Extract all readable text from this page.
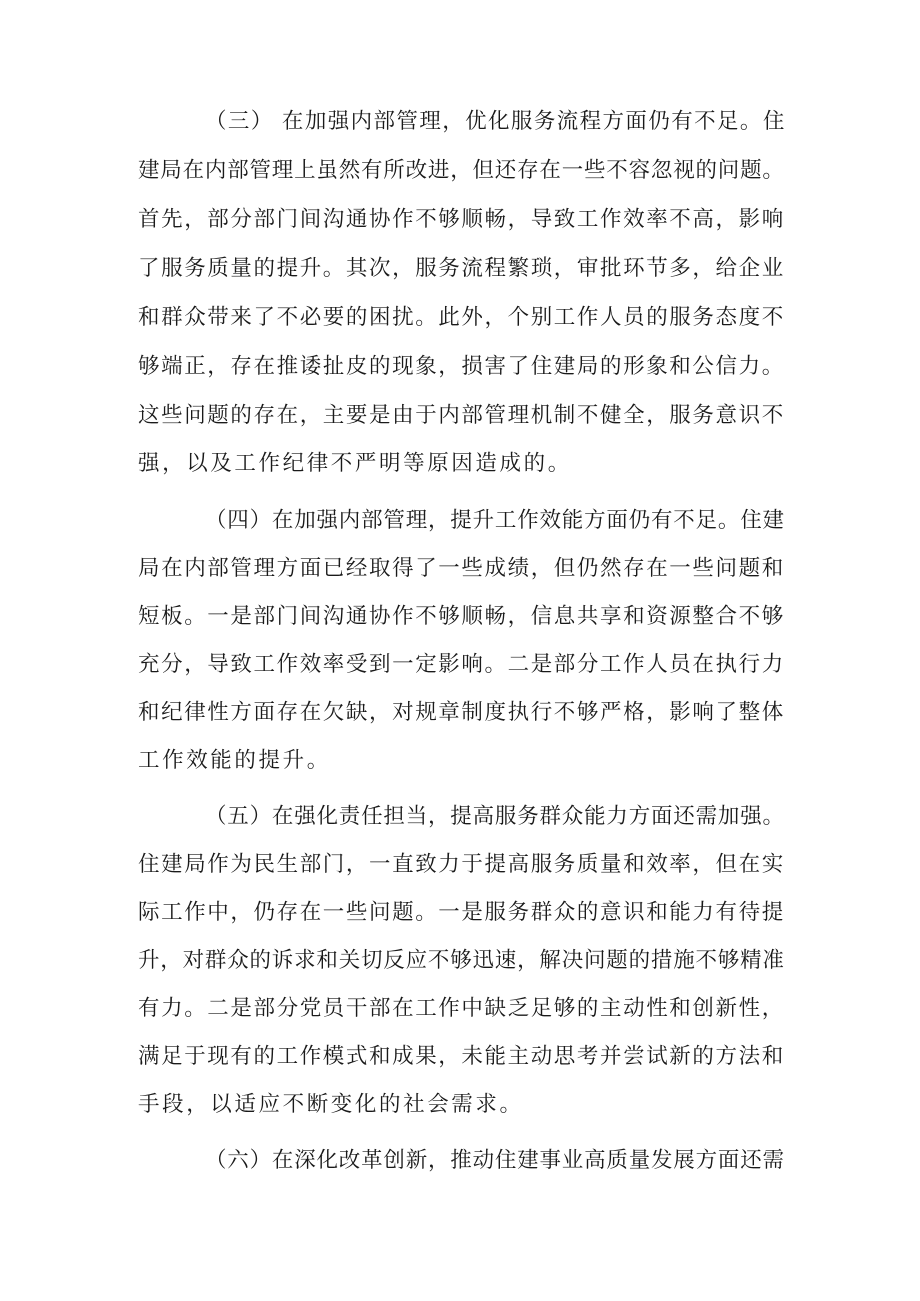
（三） 在加强内部管理，优化服务流程方面仍有不足。住
建局在内部管理上虽然有所改进，但还存在一些不容忽视的问题。
首先，部分部门间沟通协作不够顺畅，导致工作效率不高，影响
了服务质量的提升。其次，服务流程繁琐，审批环节多，给企业
和群众带来了不必要的困扰。此外，个别工作人员的服务态度不
够端正，存在推诿扯皮的现象，损害了住建局的形象和公信力。
这些问题的存在，主要是由于内部管理机制不健全，服务意识不
强，以及工作纪律不严明等原因造成的。
（四）在加强内部管理，提升工作效能方面仍有不足。住建
局在内部管理方面已经取得了一些成绩，但仍然存在一些问题和
短板。一是部门间沟通协作不够顺畅，信息共享和资源整合不够
充分，导致工作效率受到一定影响。二是部分工作人员在执行力
和纪律性方面存在欠缺，对规章制度执行不够严格，影响了整体
工作效能的提升。
（五）在强化责任担当，提高服务群众能力方面还需加强。
住建局作为民生部门，一直致力于提高服务质量和效率，但在实
际工作中，仍存在一些问题。一是服务群众的意识和能力有待提
升，对群众的诉求和关切反应不够迅速，解决问题的措施不够精准
有力。二是部分党员干部在工作中缺乏足够的主动性和创新性，
满足于现有的工作模式和成果，未能主动思考并尝试新的方法和
手段，以适应不断变化的社会需求。
（六）在深化改革创新，推动住建事业高质量发展方面还需
